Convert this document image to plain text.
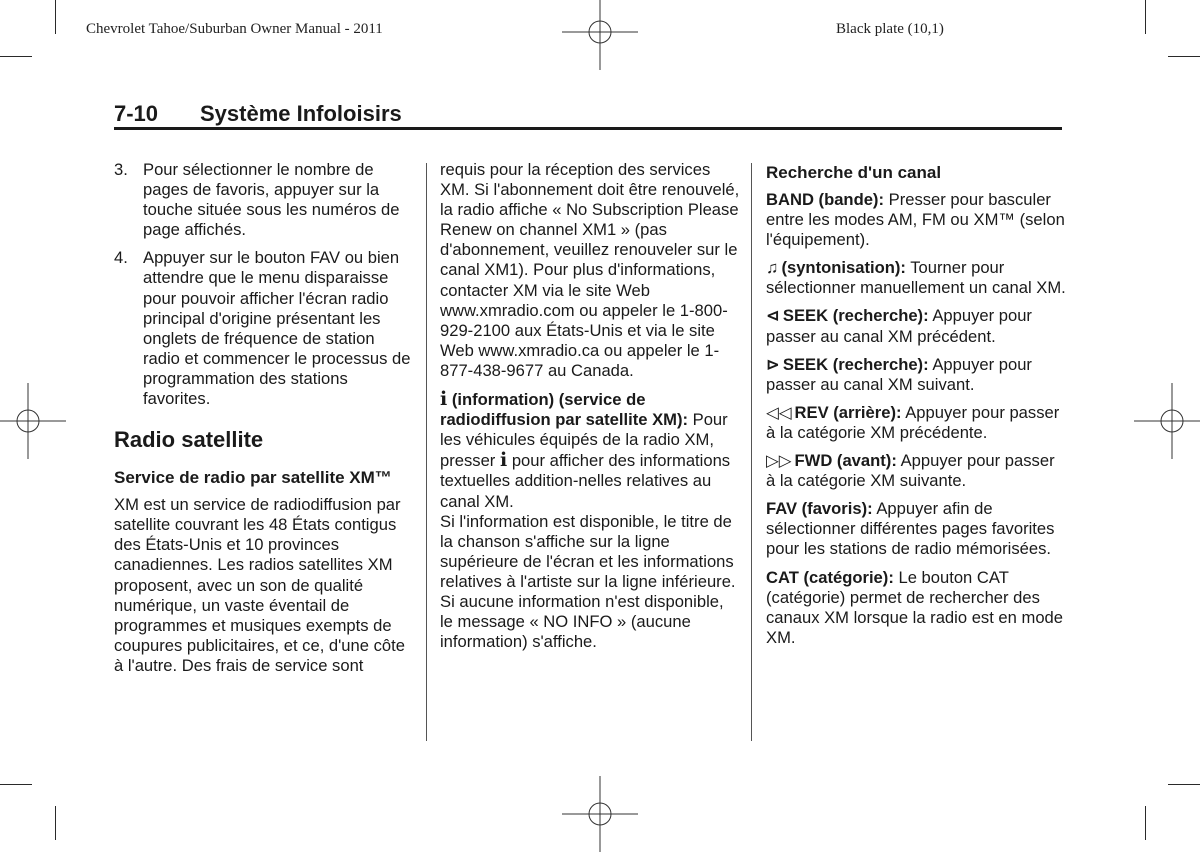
Chevrolet Tahoe/Suburban Owner Manual - 2011	Black plate (10,1)
7-10 Système Infoloisirs
3. Pour sélectionner le nombre de pages de favoris, appuyer sur la touche située sous les numéros de page affichés.
4. Appuyer sur le bouton FAV ou bien attendre que le menu disparaisse pour pouvoir afficher l'écran radio principal d'origine présentant les onglets de fréquence de station radio et commencer le processus de programmation des stations favorites.
Radio satellite
Service de radio par satellite XM™

XM est un service de radiodiffusion par satellite couvrant les 48 États contigus des États-Unis et 10 provinces canadiennes. Les radios satellites XM proposent, avec un son de qualité numérique, un vaste éventail de programmes et musiques exempts de coupures publicitaires, et ce, d'une côte à l'autre. Des frais de service sont

requis pour la réception des services XM. Si l'abonnement doit être renouvelé, la radio affiche « No Subscription Please Renew on channel XM1 » (pas d'abonnement, veuillez renouveler sur le canal XM1). Pour plus d'informations, contacter XM via le site Web www.xmradio.com ou appeler le 1-800-929-2100 aux États-Unis et via le site Web www.xmradio.ca ou appeler le 1-877-438-9677 au Canada.

i (information) (service de radiodiffusion par satellite XM): Pour les véhicules équipés de la radio XM, presser i pour afficher des informations textuelles addition-nelles relatives au canal XM.

Si l'information est disponible, le titre de la chanson s'affiche sur la ligne supérieure de l'écran et les informations relatives à l'artiste sur la ligne inférieure. Si aucune information n'est disponible, le message « NO INFO » (aucune information) s'affiche.

Recherche d'un canal

BAND (bande): Presser pour basculer entre les modes AM, FM ou XM™ (selon l'équipement).

♫ (syntonisation): Tourner pour sélectionner manuellement un canal XM.

⊲ SEEK (recherche): Appuyer pour passer au canal XM précédent.

⊳ SEEK (recherche): Appuyer pour passer au canal XM suivant.

◁◁ REV (arrière): Appuyer pour passer à la catégorie XM précédente.

▷▷ FWD (avant): Appuyer pour passer à la catégorie XM suivante.

FAV (favoris): Appuyer afin de sélectionner différentes pages favorites pour les stations de radio mémorisées.

CAT (catégorie): Le bouton CAT (catégorie) permet de rechercher des canaux XM lorsque la radio est en mode XM.
